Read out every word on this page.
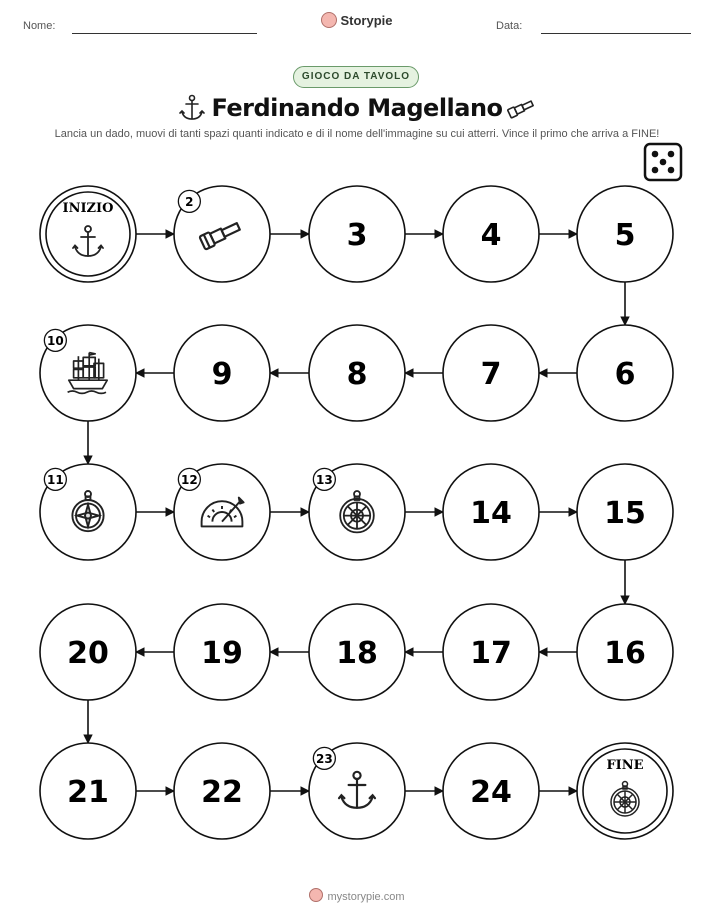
Nome:	Storypie	Data:
GIOCO DA TAVOLO
Ferdinando Magellano
Lancia un dado, muovi di tanti spazi quanti indicato e di il nome dell'immagine su cui atterri. Vince il primo che arriva a FINE!
INIZIO	2
3	4	5
6
7
8
9
10
11	12	13
14	15
16
17
18
19
20
21	22
23
24
FINE
mystorypie.com
